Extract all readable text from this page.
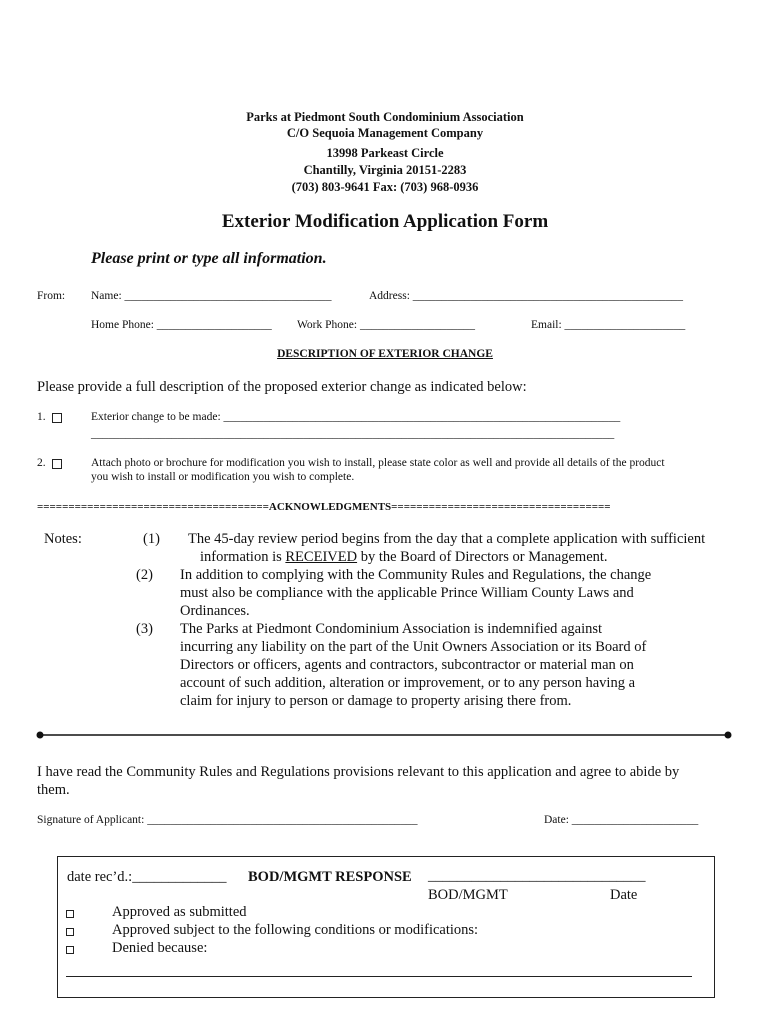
Parks at Piedmont South Condominium Association
C/O Sequoia Management Company
13998 Parkeast Circle
Chantilly, Virginia 20151-2283
(703) 803-9641 Fax: (703) 968-0936
Exterior Modification Application Form
Please print or type all information.
From: Name: ____________________________________	Address: _______________________________________________
Home Phone: ____________________ Work Phone: ____________________	Email: _____________________
DESCRIPTION OF EXTERIOR CHANGE
Please provide a full description of the proposed exterior change as indicated below:
1.	Exterior change to be made: _____________________________________________________________________
___________________________________________________________________________________________
2.	Attach photo or brochure for modification you wish to install, please state color as well and provide all details of the product
you wish to install or modification you wish to complete.
=====================================ACKNOWLEDGMENTS===================================
Notes:	(1) The 45-day review period begins from the day that a complete application with sufficient
information is RECEIVED by the Board of Directors or Management.
(2) In addition to complying with the Community Rules and Regulations, the change
must also be compliance with the applicable Prince William County Laws and
Ordinances.
(3) The Parks at Piedmont Condominium Association is indemnified against
incurring any liability on the part of the Unit Owners Association or its Board of
Directors or officers, agents and contractors, subcontractor or material man on
account of such addition, alteration or improvement, or to any person having a
claim for injury to person or damage to property arising there from.
I have read the Community Rules and Regulations provisions relevant to this application and agree to abide by
them.
Signature of Applicant: _______________________________________________	Date: ______________________
date rec’d.:_____________ BOD/MGMT RESPONSE ______________________________
BOD/MGMT	Date
Approved as submitted
Approved subject to the following conditions or modifications:
Denied because:
